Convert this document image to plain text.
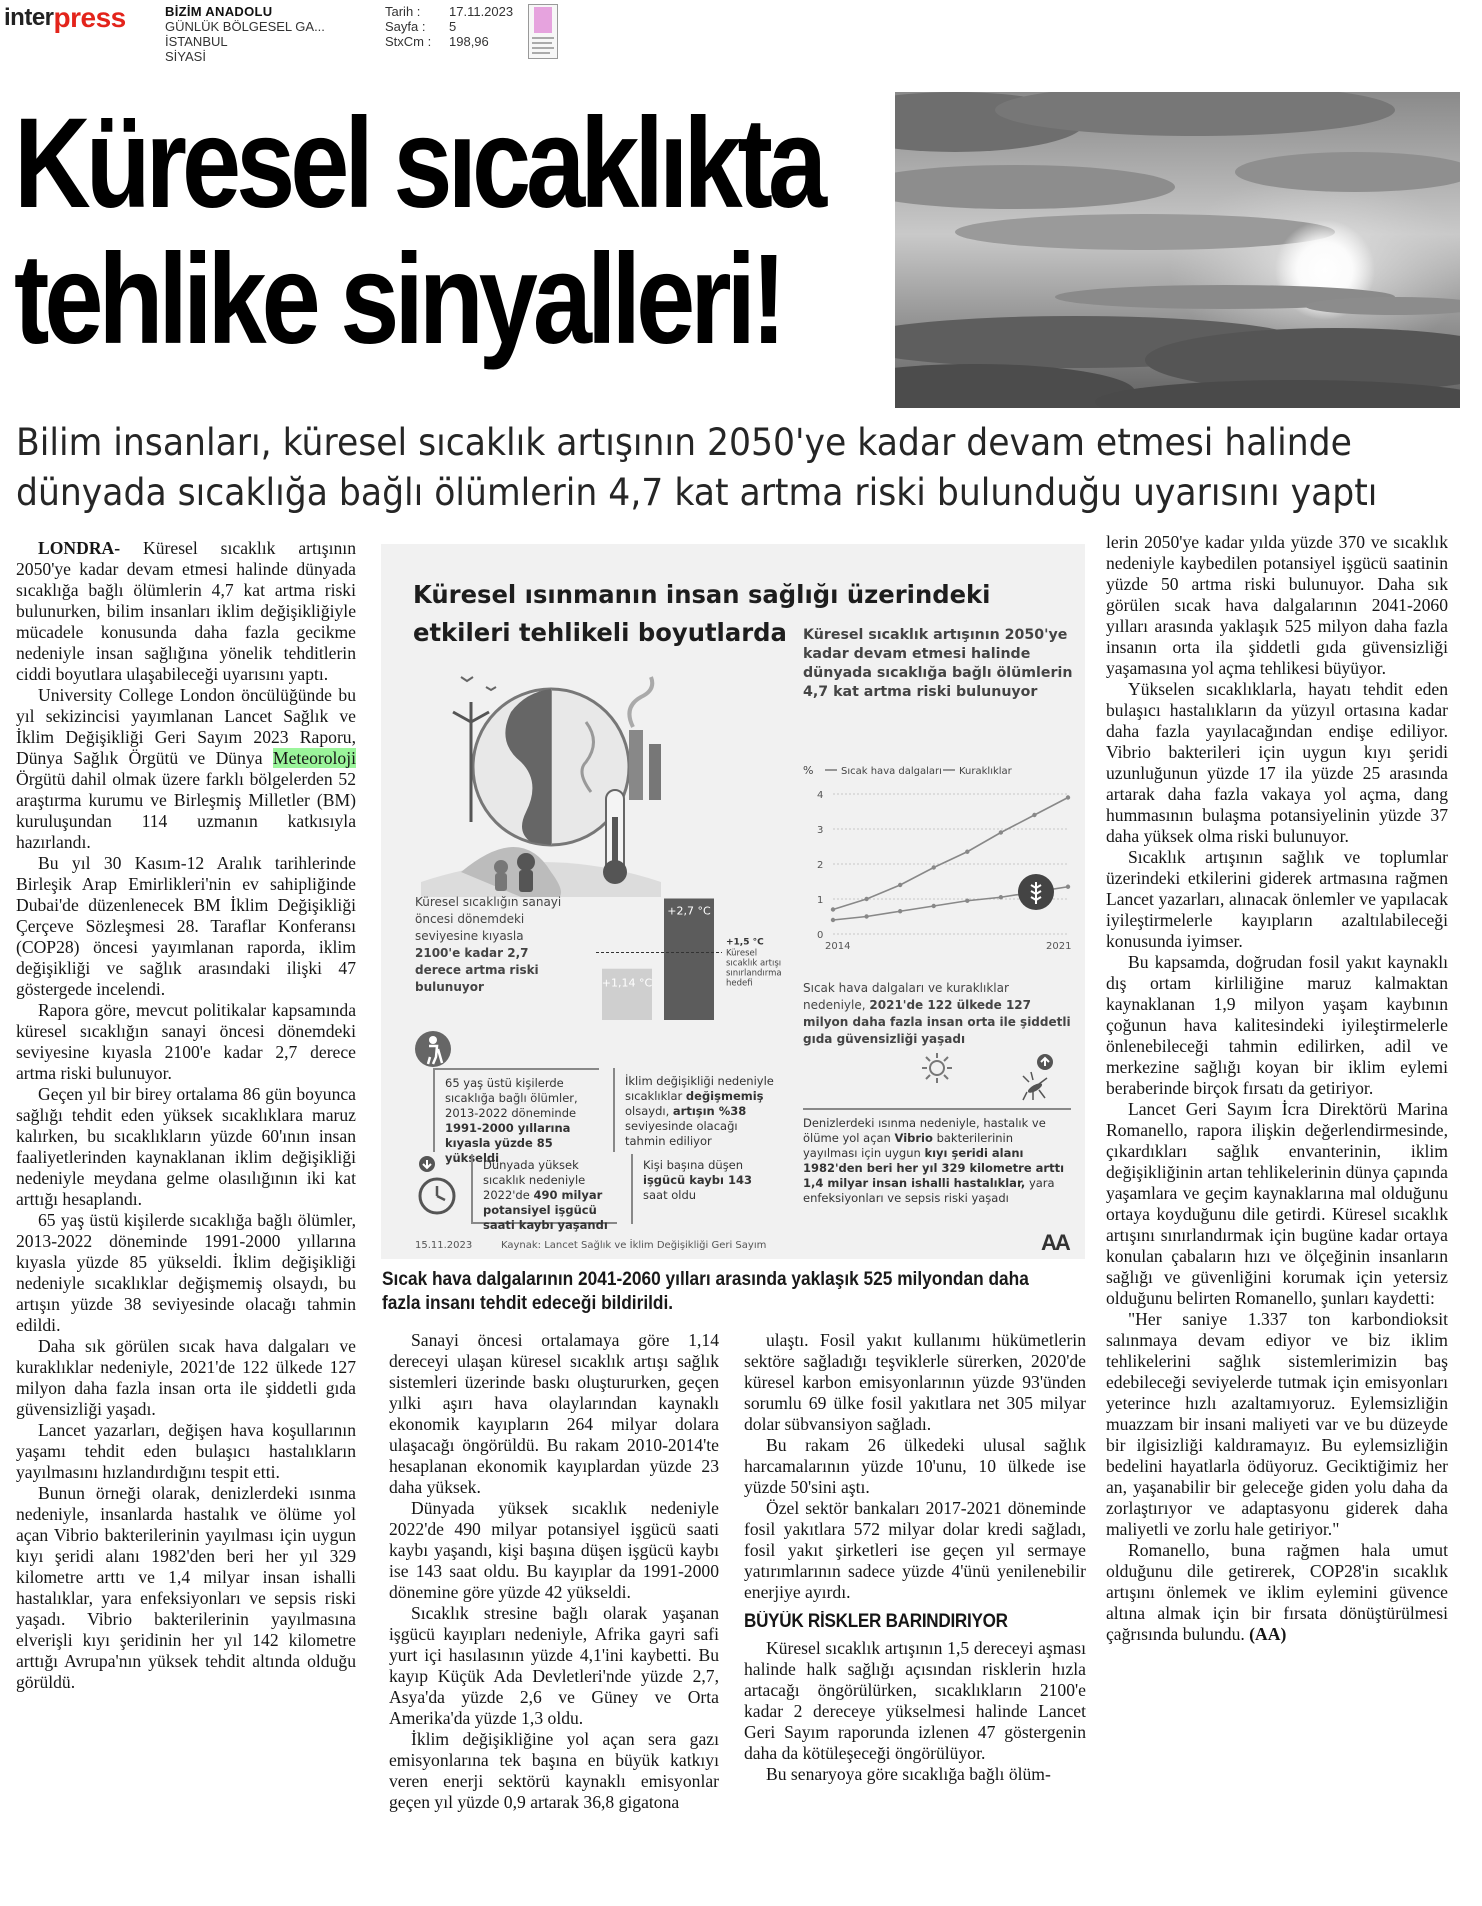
interpress	BİZİM ANADOLU
GÜNLÜK BÖLGESEL GA...
İSTANBUL
SİYASİ
Tarih :	17.11.2023
Sayfa :	5
StxCm :	198,96
Küresel sıcaklıkta
tehlike sinyalleri!
Bilim insanları, küresel sıcaklık artışının 2050'ye kadar devam etmesi halinde
dünyada sıcaklığa bağlı ölümlerin 4,7 kat artma riski bulunduğu uyarısını yaptı

LONDRA- Küresel sıcaklık artışının 2050'ye kadar devam etmesi halinde dünyada sıcaklığa bağlı ölümlerin 4,7 kat artma riski bulunurken, bilim insanları iklim değişikliğiyle mücadele konusunda daha fazla gecikme nedeniyle insan sağlığına yönelik tehditlerin ciddi boyutlara ulaşabileceği uyarısını yaptı.

University College London öncülüğünde bu yıl sekizincisi yayımlanan Lancet Sağlık ve İklim Değişikliği Geri Sayım 2023 Raporu, Dünya Sağlık Örgütü ve Dünya Meteoroloji Örgütü dahil olmak üzere farklı bölgelerden 52 araştırma kurumu ve Birleşmiş Milletler (BM) kuruluşundan 114 uzmanın katkısıyla hazırlandı.

Bu yıl 30 Kasım-12 Aralık tarihlerinde Birleşik Arap Emirlikleri'nin ev sahipliğinde Dubai'de düzenlenecek BM İklim Değişikliği Çerçeve Sözleşmesi 28. Taraflar Konferansı (COP28) öncesi yayımlanan raporda, iklim değişikliği ve sağlık arasındaki ilişki 47 göstergede incelendi.

Rapora göre, mevcut politikalar kapsamında küresel sıcaklığın sanayi öncesi dönemdeki seviyesine kıyasla 2100'e kadar 2,7 derece artma riski bulunuyor.

Geçen yıl bir birey ortalama 86 gün boyunca sağlığı tehdit eden yüksek sıcaklıklara maruz kalırken, bu sıcaklıkların yüzde 60'ının insan faaliyetlerinden kaynaklanan iklim değişikliği nedeniyle meydana gelme olasılığının iki kat arttığı hesaplandı.

65 yaş üstü kişilerde sıcaklığa bağlı ölümler, 2013-2022 döneminde 1991-2000 yıllarına kıyasla yüzde 85 yükseldi. İklim değişikliği nedeniyle sıcaklıklar değişmemiş olsaydı, bu artışın yüzde 38 seviyesinde olacağı tahmin edildi.

Daha sık görülen sıcak hava dalgaları ve kuraklıklar nedeniyle, 2021'de 122 ülkede 127 milyon daha fazla insan orta ile şiddetli gıda güvensizliği yaşadı.

Lancet yazarları, değişen hava koşullarının yaşamı tehdit eden bulaşıcı hastalıkların yayılmasını hızlandırdığını tespit etti.

Bunun örneği olarak, denizlerdeki ısınma nedeniyle, insanlarda hastalık ve ölüme yol açan Vibrio bakterilerinin yayılması için uygun kıyı şeridi alanı 1982'den beri her yıl 329 kilometre arttı ve 1,4 milyar insan ishalli hastalıklar, yara enfeksiyonları ve sepsis riski yaşadı. Vibrio bakterilerinin yayılmasına elverişli kıyı şeridinin her yıl 142 kilometre arttığı Avrupa'nın yüksek tehdit altında olduğu görüldü.

Küresel ısınmanın insan sağlığı üzerindeki
etkileri tehlikeli boyutlarda Küresel sıcaklık artışının 2050'ye kadar devam etmesi halinde dünyada sıcaklığa bağlı ölümlerin 4,7 kat artma riski bulunuyor
%	Sıcak hava dalgaları Kuraklıklar
0
1
2
3
4
2014	2021
Sıcak hava dalgaları ve kuraklıklar nedeniyle, 2021'de 122 ülkede 127 milyon daha fazla insan orta ile şiddetli gıda güvensizliği yaşadı
+1,14 °C
+2,7 °C
+1,5 °C
Küresel
sıcaklık artışı
sınırlandırma
hedefi
Küresel sıcaklığın sanayi öncesi dönemdeki seviyesine kıyasla 2100'e kadar 2,7 derece artma riski bulunuyor
65 yaş üstü kişilerde sıcaklığa bağlı ölümler, 2013-2022 döneminde 1991-2000 yıllarına kıyasla yüzde 85 yükseldi
İklim değişikliği nedeniyle sıcaklıklar değişmemiş olsaydı, artışın %38 seviyesinde olacağı tahmin ediliyor
Denizlerdeki ısınma nedeniyle, hastalık ve ölüme yol açan Vibrio bakterilerinin yayılması için uygun kıyı şeridi alanı 1982'den beri her yıl 329 kilometre arttı
1,4 milyar insan ishalli hastalıklar, yara enfeksiyonları ve sepsis riski yaşadı
Dünyada yüksek sıcaklık nedeniyle 2022'de 490 milyar potansiyel işgücü saati kaybı yaşandı
Kişi başına düşen işgücü kaybı 143 saat oldu
15.11.2023	Kaynak: Lancet Sağlık ve İklim Değişikliği Geri Sayım	AA
Sıcak hava dalgalarının 2041-2060 yılları arasında yaklaşık 525 milyondan daha fazla insanı tehdit edeceği bildirildi.

Sanayi öncesi ortalamaya göre 1,14 dereceyi ulaşan küresel sıcaklık artışı sağlık sistemleri üzerinde baskı oluştururken, geçen yılki aşırı hava olaylarından kaynaklı ekonomik kayıpların 264 milyar dolara ulaşacağı öngörüldü. Bu rakam 2010-2014'te hesaplanan ekonomik kayıplardan yüzde 23 daha yüksek.

Dünyada yüksek sıcaklık nedeniyle 2022'de 490 milyar potansiyel işgücü saati kaybı yaşandı, kişi başına düşen işgücü kaybı ise 143 saat oldu. Bu kayıplar da 1991-2000 dönemine göre yüzde 42 yükseldi.

Sıcaklık stresine bağlı olarak yaşanan işgücü kayıpları nedeniyle, Afrika gayri safi yurt içi hasılasının yüzde 4,1'ini kaybetti. Bu kayıp Küçük Ada Devletleri'nde yüzde 2,7, Asya'da yüzde 2,6 ve Güney ve Orta Amerika'da yüzde 1,3 oldu.

İklim değişikliğine yol açan sera gazı emisyonlarına tek başına en büyük katkıyı veren enerji sektörü kaynaklı emisyonlar geçen yıl yüzde 0,9 artarak 36,8 gigatona

ulaştı. Fosil yakıt kullanımı hükümetlerin sektöre sağladığı teşviklerle sürerken, 2020'de küresel karbon emisyonlarının yüzde 93'ünden sorumlu 69 ülke fosil yakıtlara net 305 milyar dolar sübvansiyon sağladı.

Bu rakam 26 ülkedeki ulusal sağlık harcamalarının yüzde 10'unu, 10 ülkede ise yüzde 50'sini aştı.

Özel sektör bankaları 2017-2021 döneminde fosil yakıtlara 572 milyar dolar kredi sağladı, fosil yakıt şirketleri ise geçen yıl sermaye yatırımlarının sadece yüzde 4'ünü yenilenebilir enerjiye ayırdı.

BÜYÜK RİSKLER BARINDIRIYOR

Küresel sıcaklık artışının 1,5 dereceyi aşması halinde halk sağlığı açısından risklerin hızla artacağı öngörülürken, sıcaklıkların 2100'e kadar 2 dereceye yükselmesi halinde Lancet Geri Sayım raporunda izlenen 47 göstergenin daha da kötüleşeceği öngörülüyor.

Bu senaryoya göre sıcaklığa bağlı ölüm-

lerin 2050'ye kadar yılda yüzde 370 ve sıcaklık nedeniyle kaybedilen potansiyel işgücü saatinin yüzde 50 artma riski bulunuyor. Daha sık görülen sıcak hava dalgalarının 2041-2060 yılları arasında yaklaşık 525 milyon daha fazla insanın orta ila şiddetli gıda güvensizliği yaşamasına yol açma tehlikesi büyüyor.

Yükselen sıcaklıklarla, hayatı tehdit eden bulaşıcı hastalıkların da yüzyıl ortasına kadar daha fazla yayılacağından endişe ediliyor. Vibrio bakterileri için uygun kıyı şeridi uzunluğunun yüzde 17 ila yüzde 25 arasında artarak daha fazla vakaya yol açma, dang hummasının bulaşma potansiyelinin yüzde 37 daha yüksek olma riski bulunuyor.

Sıcaklık artışının sağlık ve toplumlar üzerindeki etkilerini giderek artmasına rağmen Lancet yazarları, alınacak önlemler ve yapılacak iyileştirmelerle kayıpların azaltılabileceği konusunda iyimser.

Bu kapsamda, doğrudan fosil yakıt kaynaklı dış ortam kirliliğine maruz kalmaktan kaynaklanan 1,9 milyon yaşam kaybının çoğunun hava kalitesindeki iyileştirmelerle önlenebileceği tahmin edilirken, adil ve merkezine sağlığı koyan bir iklim eylemi beraberinde birçok fırsatı da getiriyor.

Lancet Geri Sayım İcra Direktörü Marina Romanello, rapora ilişkin değerlendirmesinde, çıkardıkları sağlık envanterinin, iklim değişikliğinin artan tehlikelerinin dünya çapında yaşamlara ve geçim kaynaklarına mal olduğunu ortaya koyduğunu dile getirdi. Küresel sıcaklık artışını sınırlandırmak için bugüne kadar ortaya konulan çabaların hızı ve ölçeğinin insanların sağlığı ve güvenliğini korumak için yetersiz olduğunu belirten Romanello, şunları kaydetti:

"Her saniye 1.337 ton karbondioksit salınmaya devam ediyor ve biz iklim tehlikelerini sağlık sistemlerimizin baş edebileceği seviyelerde tutmak için emisyonları yeterince hızlı azaltamıyoruz. Eylemsizliğin muazzam bir insani maliyeti var ve bu düzeyde bir ilgisizliği kaldıramayız. Bu eylemsizliğin bedelini hayatlarla ödüyoruz. Geciktiğimiz her an, yaşanabilir bir geleceğe giden yolu daha da zorlaştırıyor ve adaptasyonu giderek daha maliyetli ve zorlu hale getiriyor."

Romanello, buna rağmen hala umut olduğunu dile getirerek, COP28'in sıcaklık artışını önlemek ve iklim eylemini güvence altına almak için bir fırsata dönüştürülmesi çağrısında bulundu. (AA)
